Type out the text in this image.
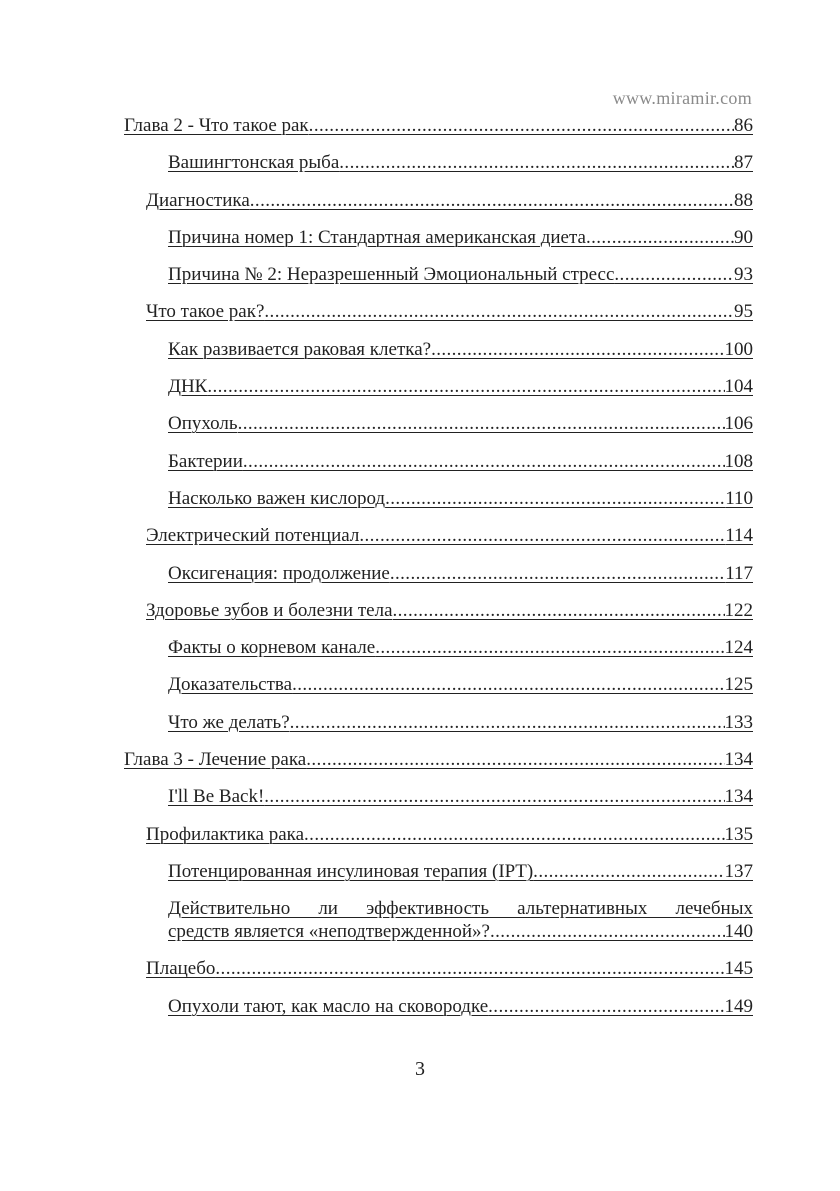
www.miramir.com
Глава 2 - Что такое рак .....	86
Вашингтонская рыба .....	87
Диагностика .....	88
Причина номер 1: Стандартная американская диета .....	90
Причина № 2: Неразрешенный Эмоциональный стресс .....	93
Что такое рак? .....	95
Как развивается раковая клетка? .....	100
ДНК .....	104
Опухоль .....	106
Бактерии .....	108
Насколько важен кислород .....	110
Электрический потенциал .....	114
Оксигенация: продолжение .....	117
Здоровье зубов и болезни тела .....	122
Факты о корневом канале .....	124
Доказательства .....	125
Что же делать? .....	133
Глава 3 - Лечение рака .....	134
I'll Be Back! .....	134
Профилактика рака .....	135
Потенцированная инсулиновая терапия (IPT) .....	137
Действительно ли эффективность альтернативных лечебных
средств является «неподтвержденной»? .....	140
Плацебо .....	145
Опухоли тают, как масло на сковородке .....	149
3
